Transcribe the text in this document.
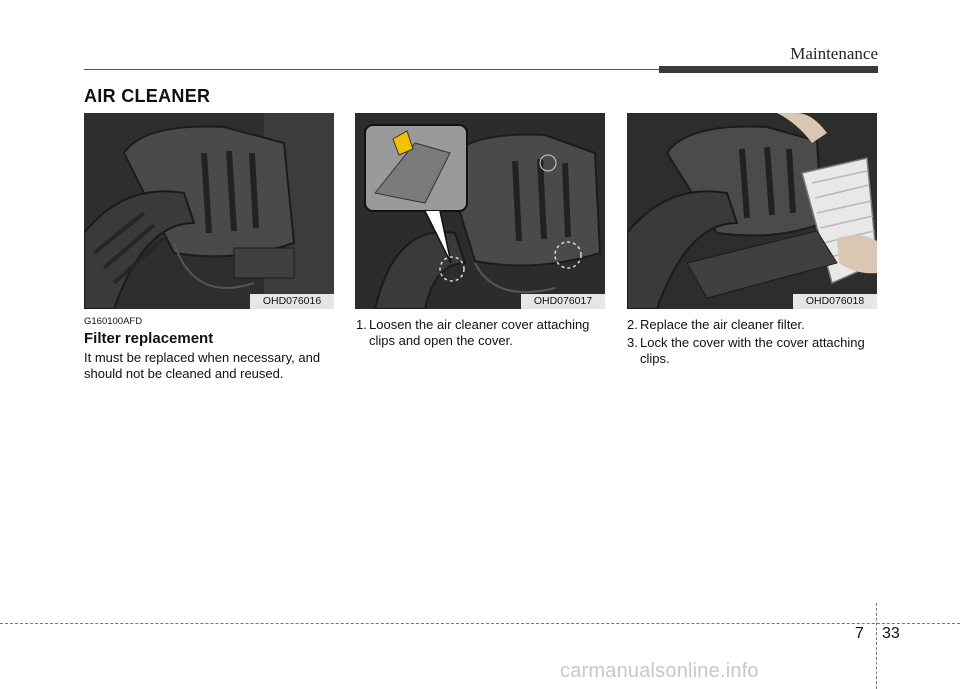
Maintenance
AIR CLEANER
OHD076016	OHD076017	OHD076018
G160100AFD
Filter replacement
It must be replaced when necessary, and should not be cleaned and reused.
1. Loosen the air cleaner cover attaching clips and open the cover.
2. Replace the air cleaner filter.
3. Lock the cover with the cover attaching clips.
7 33
carmanualsonline.info
